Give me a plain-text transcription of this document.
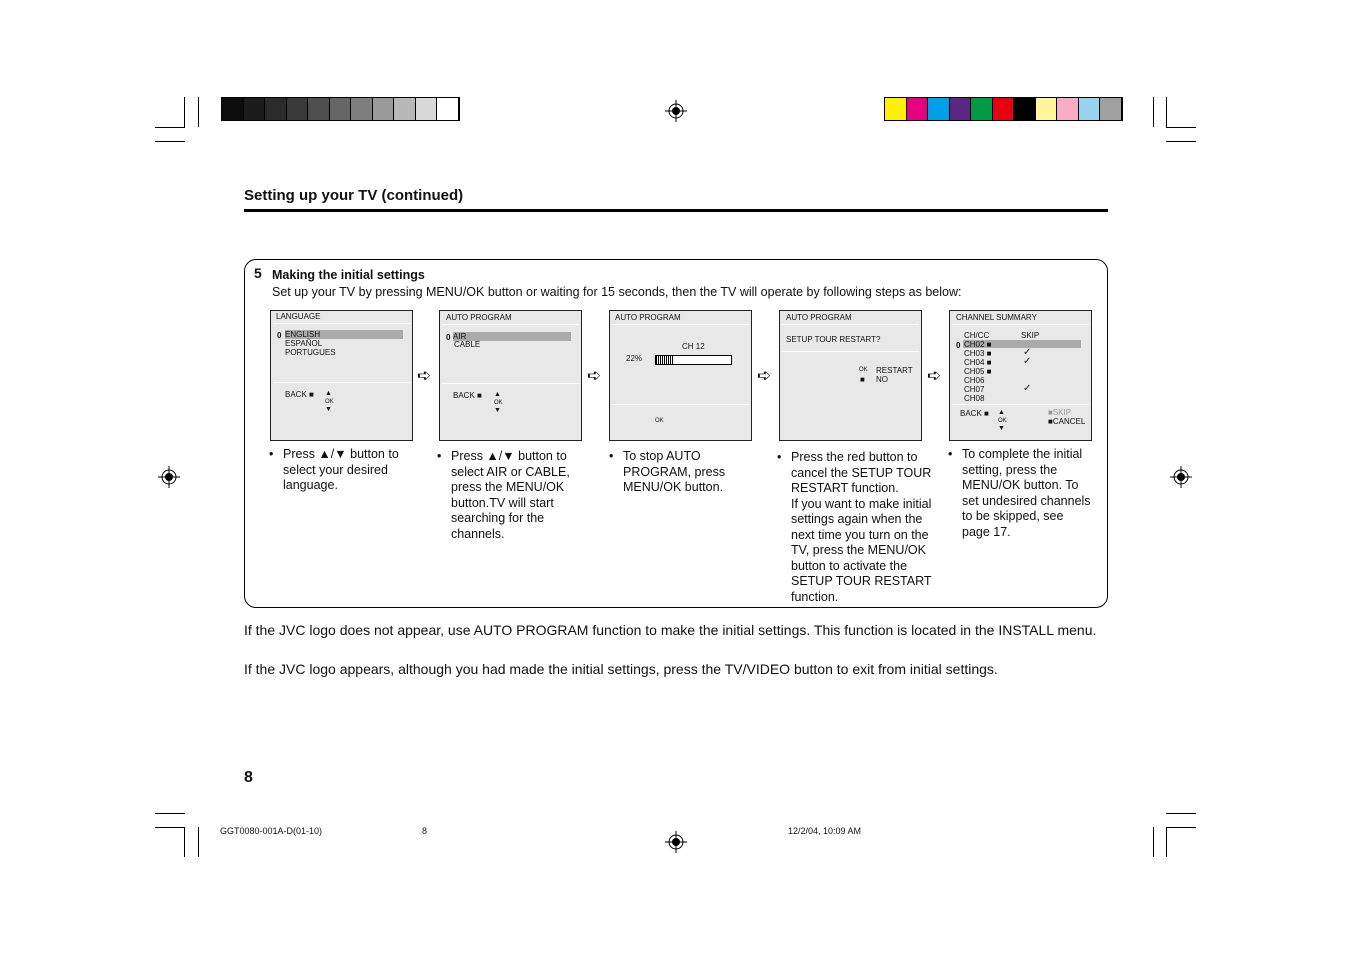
Setting up your TV (continued)
5 Making the initial settings
Set up your TV by pressing MENU/OK button or waiting for 15 seconds, then the TV will operate by following steps as below:
LANGUAGE
0 ENGLISH
ESPAÑOL
PORTUGUES
BACK ■ ▲
OK
▼
AUTO PROGRAM
0 AIR
CABLE
BACK ■ ▲
OK
▼
AUTO PROGRAM
CH 12
22%
OK
AUTO PROGRAM
SETUP TOUR RESTART?
OK RESTART
■ NO
CHANNEL SUMMARY
CH/CC	SKIP
0 CH02 ■
CH03 ■	✓
CH04 ■	✓
CH05 ■
CH06
CH07	✓
CH08
BACK ■ ▲
OK
▼
■SKIP
■CANCEL
➪	➪	➪	➪
• Press ▲/▼ button to select your desired language.
• Press ▲/▼ button to select AIR or CABLE, press the MENU/OK button.TV will start searching for the channels.
• To stop AUTO PROGRAM, press MENU/OK button.
• Press the red button to cancel the SETUP TOUR RESTART function.
If you want to make initial settings again when the next time you turn on the TV, press the MENU/OK button to activate the SETUP TOUR RESTART function.
• To complete the initial setting, press the MENU/OK button. To set undesired channels to be skipped, see page 17.
If the JVC logo does not appear, use AUTO PROGRAM function to make the initial settings. This function is located in the INSTALL menu.
If the JVC logo appears, although you had made the initial settings, press the TV/VIDEO button to exit from initial settings.
8
GGT0080-001A-D(01-10)	8	12/2/04, 10:09 AM
